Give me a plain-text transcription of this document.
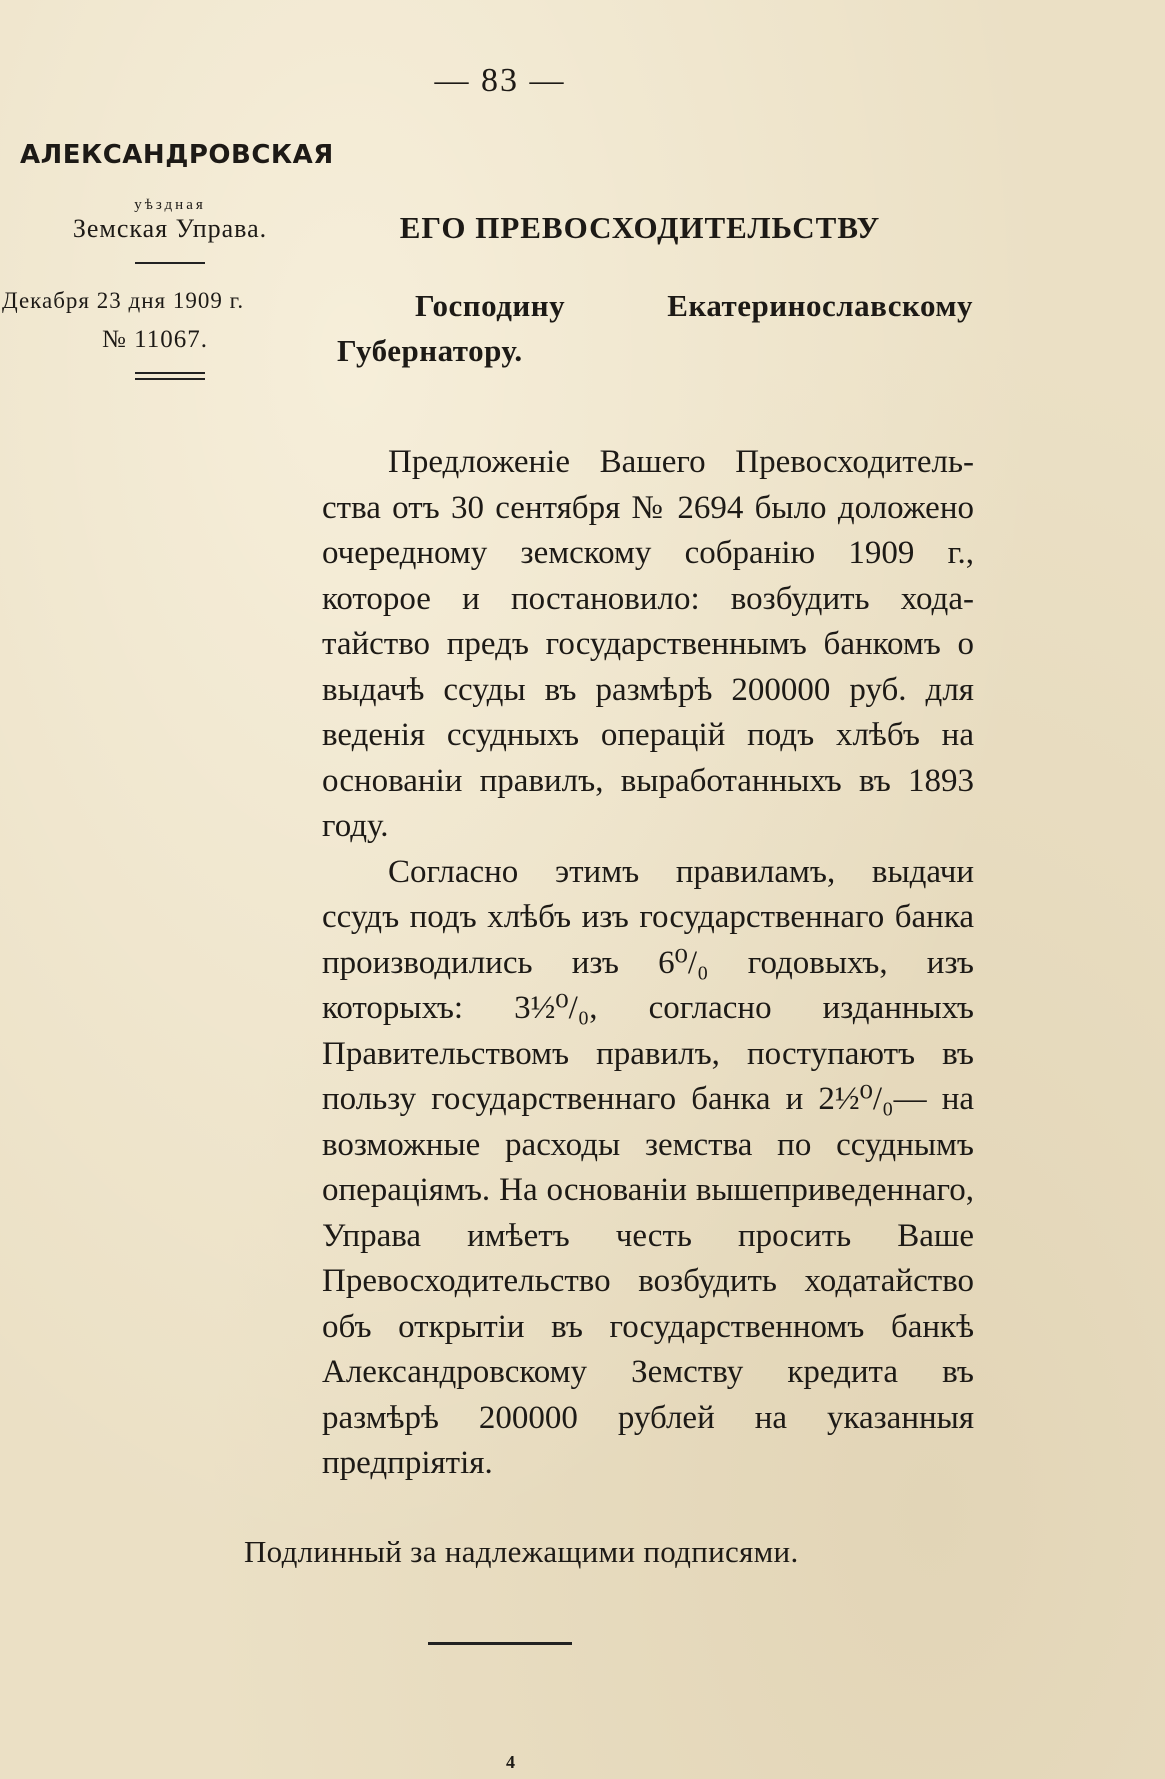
— 83 —
АЛЕКСАНДРОВСКАЯ
уѣздная
Земская Управа.
Декабря 23 дня 1909 г.
№ 11067.
ЕГО ПРЕВОСХОДИТЕЛЬСТВУ
Господину	Екатеринославскому
Губернатору.

Предложенiе Вашего Превосходительства отъ 30 сентября № 2694 было доложено очередному земскому собранiю 1909 г., которое и постановило: возбудить ходатайство предъ государственнымъ банкомъ о выдачѣ ссуды въ размѣрѣ 200000 руб. для веденiя ссудныхъ операцiй подъ хлѣбъ на основанiи правилъ, выработанныхъ въ 1893 году.

Согласно этимъ правиламъ, выдачи ссудъ подъ хлѣбъ изъ государственнаго банка производились изъ 6⁰/₀ годовыхъ, изъ которыхъ: 3½⁰/₀, согласно изданныхъ Правительствомъ правилъ, поступаютъ въ пользу государственнаго банка и 2½⁰/₀— на возможные расходы земства по ссуднымъ операцiямъ. На основанiи вышеприведеннаго, Управа имѣетъ честь просить Ваше Превосходительство возбудить ходатайство объ открытiи въ государственномъ банкѣ Александровскому Земству кредита въ размѣрѣ 200000 рублей на указанныя предпрiятiя.

Подлинный за надлежащими подписями.
4
